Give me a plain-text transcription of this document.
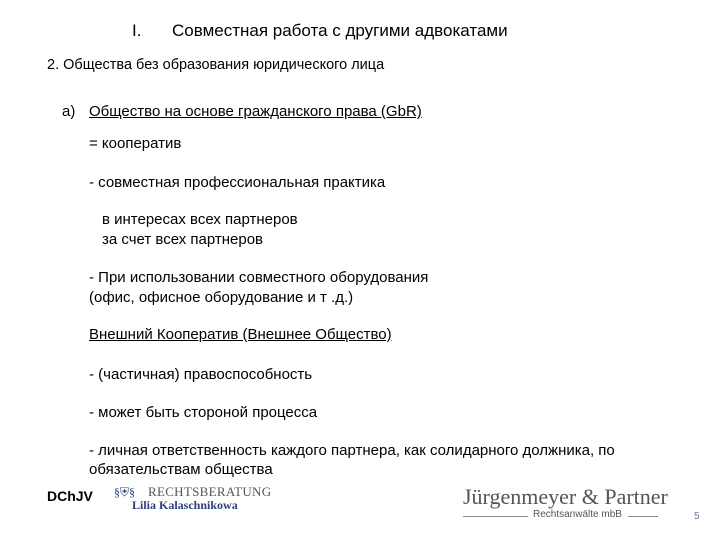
I. Совместная работа с другими адвокатами
2. Общества без образования юридического лица
а) Общество на основе гражданского права (GbR)
= кооператив
- совместная профессиональная практика
в интересах всех партнеров
за счет всех партнеров
- При использовании совместного оборудования
(офис, офисное оборудование и т .д.)
Внешний Кооператив (Внешнее Общество)
- (частичная) правоспособность
- может быть стороной процесса
- личная ответственность каждого партнера, как солидарного должника, по
обязательствам общества
DChJV §⛨§ RECHTSBERATUNG
Lilia Kalaschnikowa	Jürgenmeyer & Partner
Rechtsanwälte mbB	5
